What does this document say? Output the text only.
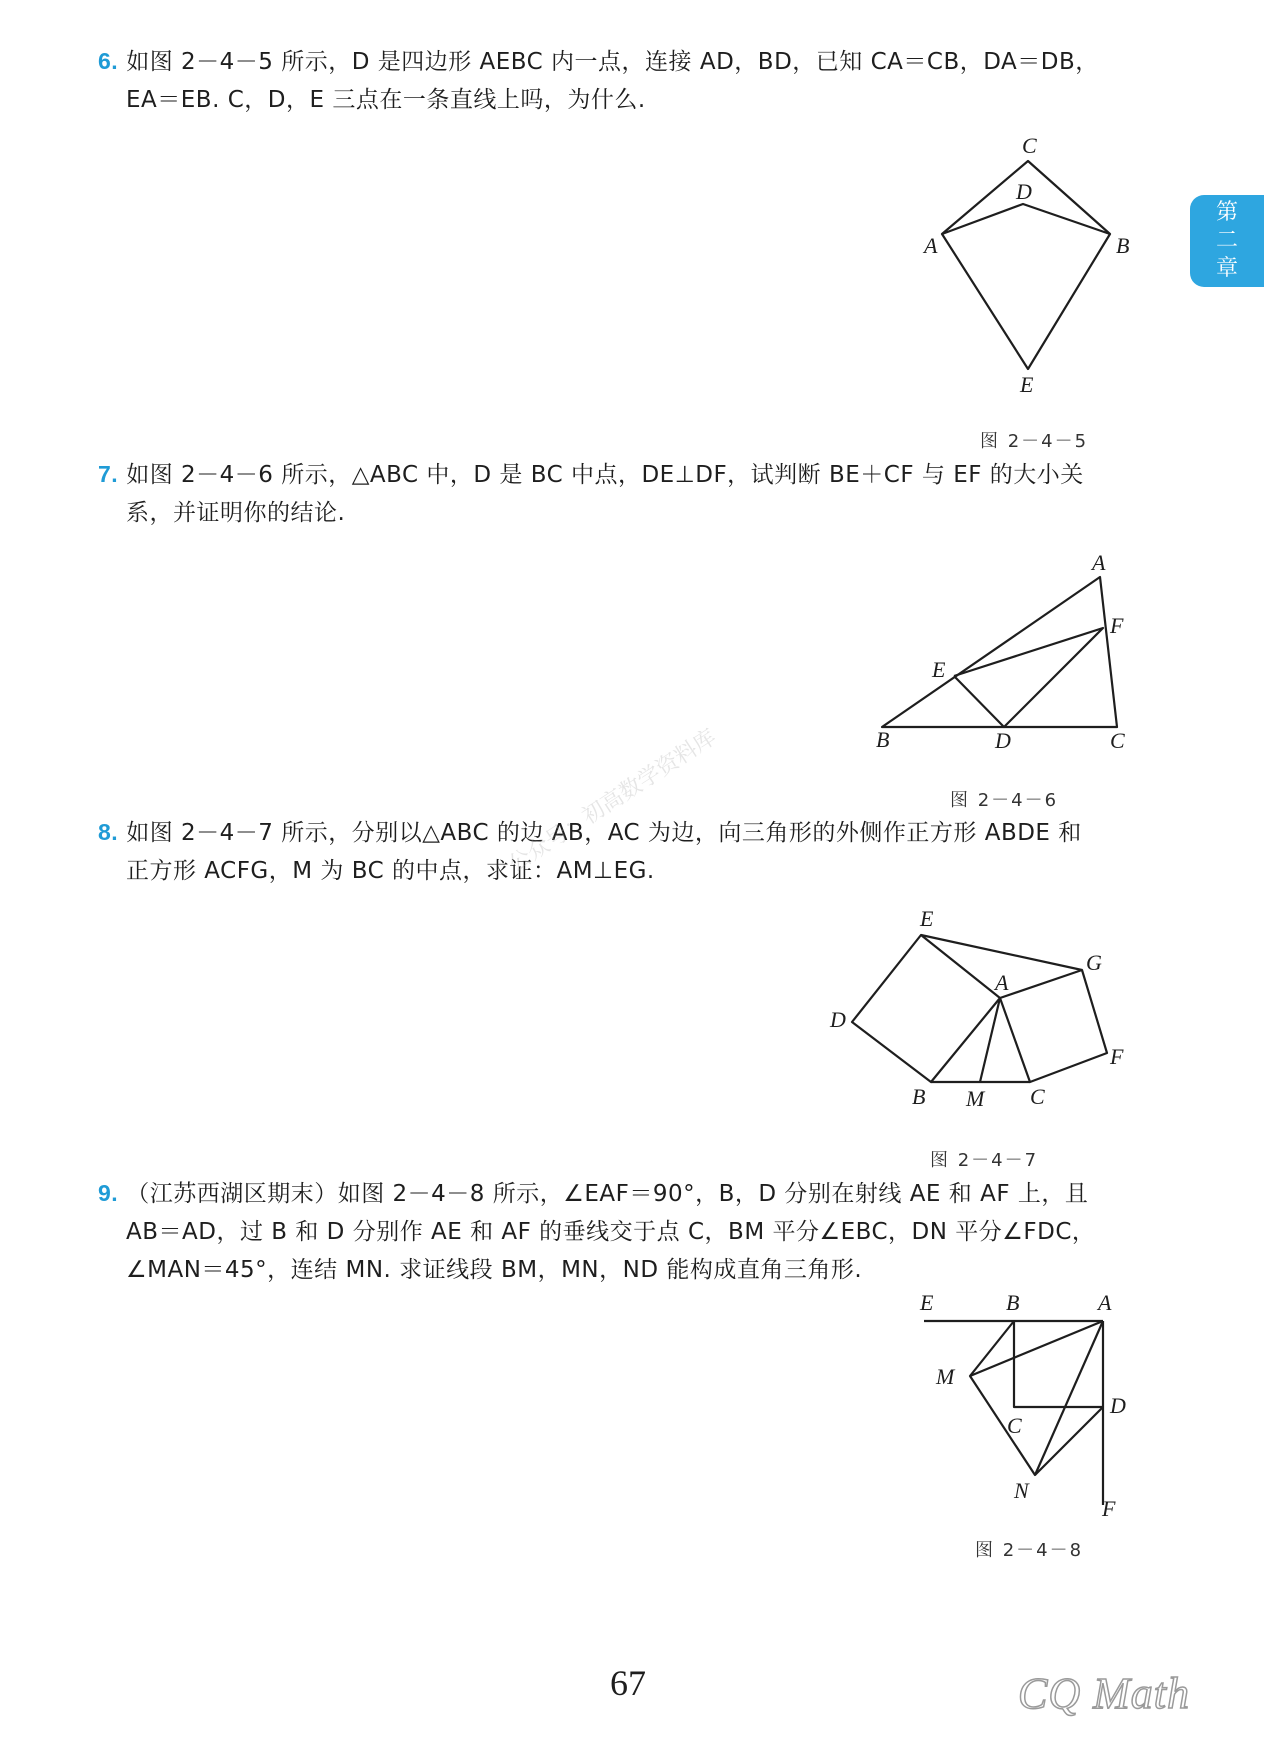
第
二
章

6. 如图 2－4－5 所示，D 是四边形 AEBC 内一点，连接 AD，BD，已知 CA＝CB，DA＝DB，

EA＝EB. C，D，E 三点在一条直线上吗，为什么.

C
D
A	B
E
图 2－4－5

7. 如图 2－4－6 所示，△ABC 中，D 是 BC 中点，DE⊥DF，试判断 BE＋CF 与 EF 的大小关

系，并证明你的结论.

A
F
E
B	D	C
图 2－4－6

8. 如图 2－4－7 所示，分别以△ABC 的边 AB，AC 为边，向三角形的外侧作正方形 ABDE 和

正方形 ACFG，M 为 BC 的中点，求证：AM⊥EG.

公众号：初高数学资料库
E
G
A
D
F
B M C
图 2－4－7

9. （江苏西湖区期末）如图 2－4－8 所示，∠EAF＝90°，B，D 分别在射线 AE 和 AF 上，且

AB＝AD，过 B 和 D 分别作 AE 和 AF 的垂线交于点 C，BM 平分∠EBC，DN 平分∠FDC，

∠MAN＝45°，连结 MN. 求证线段 BM，MN，ND 能构成直角三角形.

E	B	A
M
D
C
N
F
图 2－4－8
67	CQ Math
